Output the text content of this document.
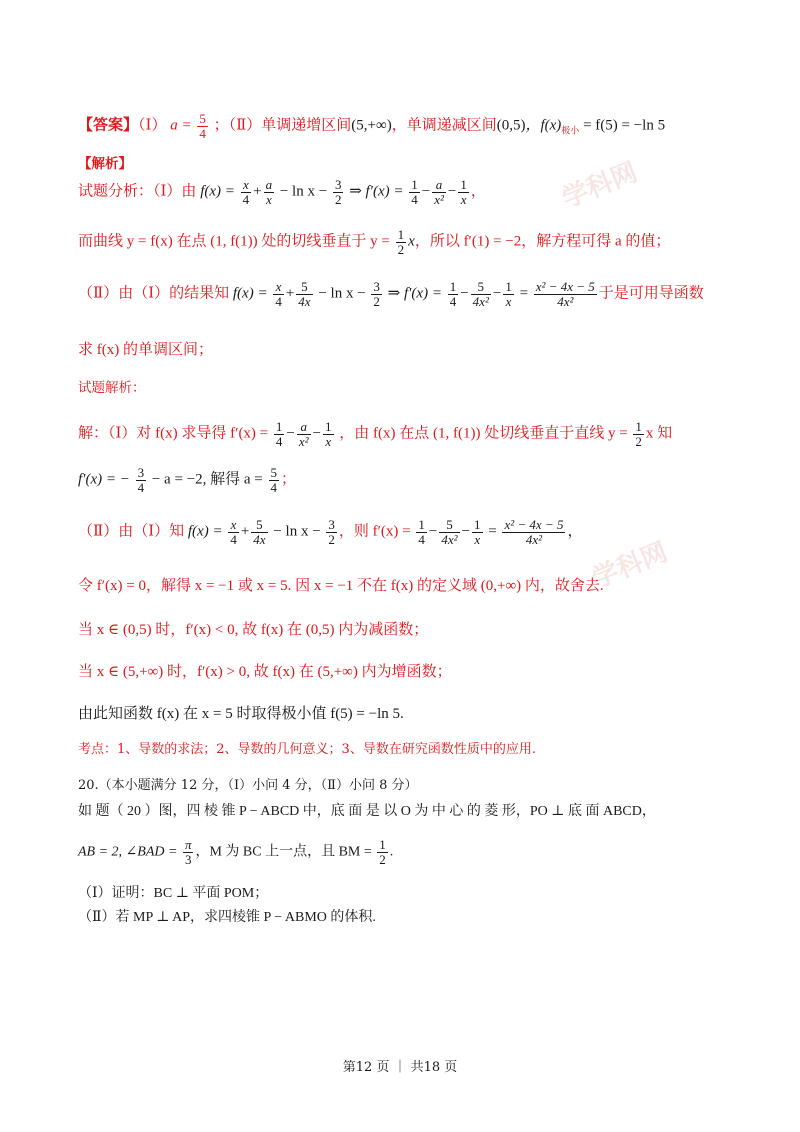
学科网
学科网
【答案】（Ⅰ） $a = \frac{5}{4}$ ；（Ⅱ）单调递增区间(5,+∞)，单调递减区间(0,5)，$f(x)_{极小} = f(5) = -\ln$ 5
【解析】
试题分析：（Ⅰ）由 $f(x) = \frac{x}{4} + \frac{a}{x} - \ln x - \frac{3}{2}$ ⇒ $f'(x) = \frac{1}{4} - \frac{a}{\text{x²}} - \frac{1}{x}$ ，
而曲线 y = f(x) 在点 (1, f(1)) 处的切线垂直于 $y = \frac{1}{2}$ x，所以 f′(1) = −2，解方程可得 a 的值；
（Ⅱ）由（Ⅰ）的结果知 $f(x) = \frac{x}{4} + \frac{5}{4x} - \ln x - \frac{3}{2}$ ⇒ $f'(x) = \frac{1}{4} - \frac{5}{\text{4x²}} - \frac{1}{x} = \frac{\text{x² − 4x − 5}}{\text{4x²}}$ 于是可用导函数
求 f(x) 的单调区间；
试题解析：
解：（Ⅰ）对 f(x) 求导得 $f'(x) = \frac{1}{4} - \frac{a}{\text{x²}} - \frac{1}{x}$ ，由 f(x) 在点 (1, f(1)) 处切线垂直于直线 $y = \frac{1}{2}$ x 知
f′(x) = − $\frac{3}{4} - a = -2$, 解得 $a = \frac{5}{4}$ ；
（Ⅱ）由（Ⅰ）知 $f(x) = \frac{x}{4} + \frac{5}{4x} - \ln x - \frac{3}{2}$ ，则 $f'(x) = \frac{1}{4} - \frac{5}{\text{4x²}} - \frac{1}{x} = \frac{\text{x² − 4x − 5}}{\text{4x²}}$ ，
令 f′(x) = 0，解得 x = −1 或 x = 5. 因 x = −1 不在 f(x) 的定义域 (0,+∞) 内，故舍去.
当 x ∈ (0,5) 时，f′(x) < 0, 故 f(x) 在 (0,5) 内为减函数；
当 x ∈ (5,+∞) 时，f′(x) > 0, 故 f(x) 在 (5,+∞) 内为增函数；
由此知函数 f(x) 在 x = 5 时取得极小值 f(5) = −ln 5.
考点：1、导数的求法；2、导数的几何意义；3、导数在研究函数性质中的应用.
20.（本小题满分 12 分，（Ⅰ）小问 4 分，（Ⅱ）小问 8 分）
如 题（ 20 ）图，四 棱 锥 P − ABCD 中，底 面 是 以 O 为 中 心 的 菱 形，PO ⊥ 底 面 ABCD，
AB = 2, ∠BAD = $\frac{\pi}{3}$ ，M 为 BC 上一点，且 BM = $\frac{1}{2}$ .
（Ⅰ）证明：BC ⊥ 平面 POM；
（Ⅱ）若 MP ⊥ AP，求四棱锥 P − ABMO 的体积.
第12 页 ｜ 共18 页
